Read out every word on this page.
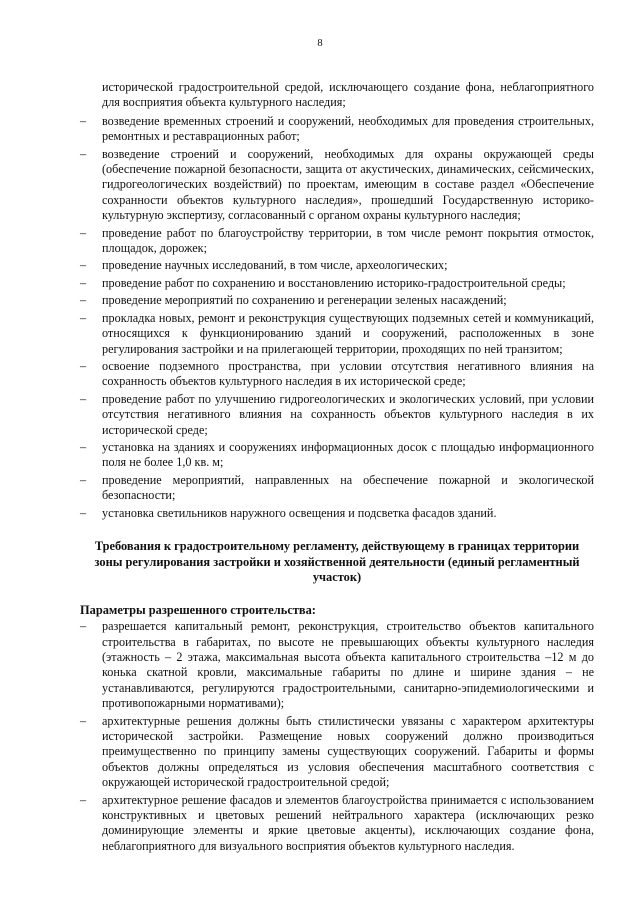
8

исторической градостроительной средой, исключающего создание фона, неблагоприятного для восприятия объекта культурного наследия;

– возведение временных строений и сооружений, необходимых для проведения строительных, ремонтных и реставрационных работ;
– возведение строений и сооружений, необходимых для охраны окружающей среды (обеспечение пожарной безопасности, защита от акустических, динамических, сейсмических, гидрогеологических воздействий) по проектам, имеющим в составе раздел «Обеспечение сохранности объектов культурного наследия», прошедший Государственную историко- культурную экспертизу, согласованный с органом охраны культурного наследия;
– проведение работ по благоустройству территории, в том числе ремонт покрытия отмосток, площадок, дорожек;
– проведение научных исследований, в том числе, археологических;
– проведение работ по сохранению и восстановлению историко-градостроительной среды;
– проведение мероприятий по сохранению и регенерации зеленых насаждений;
– прокладка новых, ремонт и реконструкция существующих подземных сетей и коммуникаций, относящихся к функционированию зданий и сооружений, расположенных в зоне регулирования застройки и на прилегающей территории, проходящих по ней транзитом;
– освоение подземного пространства, при условии отсутствия негативного влияния на сохранность объектов культурного наследия в их исторической среде;
– проведение работ по улучшению гидрогеологических и экологических условий, при условии отсутствия негативного влияния на сохранность объектов культурного наследия в их исторической среде;
– установка на зданиях и сооружениях информационных досок с площадью информационного поля не более 1,0 кв. м;
– проведение мероприятий, направленных на обеспечение пожарной и экологической безопасности;
– установка светильников наружного освещения и подсветка фасадов зданий.
Требования к градостроительному регламенту, действующему в границах территории зоны регулирования застройки и хозяйственной деятельности (единый регламентный участок)
Параметры разрешенного строительства:
– разрешается капитальный ремонт, реконструкция, строительство объектов капитального строительства в габаритах, по высоте не превышающих объекты культурного наследия (этажность – 2 этажа, максимальная высота объекта капитального строительства –12 м до конька скатной кровли, максимальные габариты по длине и ширине здания – не устанавливаются, регулируются градостроительными, санитарно-эпидемиологическими и противопожарными нормативами);
– архитектурные решения должны быть стилистически увязаны с характером архитектуры исторической застройки. Размещение новых сооружений должно производиться преимущественно по принципу замены существующих сооружений. Габариты и формы объектов должны определяться из условия обеспечения масштабного соответствия с окружающей исторической градостроительной средой;
– архитектурное решение фасадов и элементов благоустройства принимается с использованием конструктивных и цветовых решений нейтрального характера (исключающих резко доминирующие элементы и яркие цветовые акценты), исключающих создание фона, неблагоприятного для визуального восприятия объектов культурного наследия.
